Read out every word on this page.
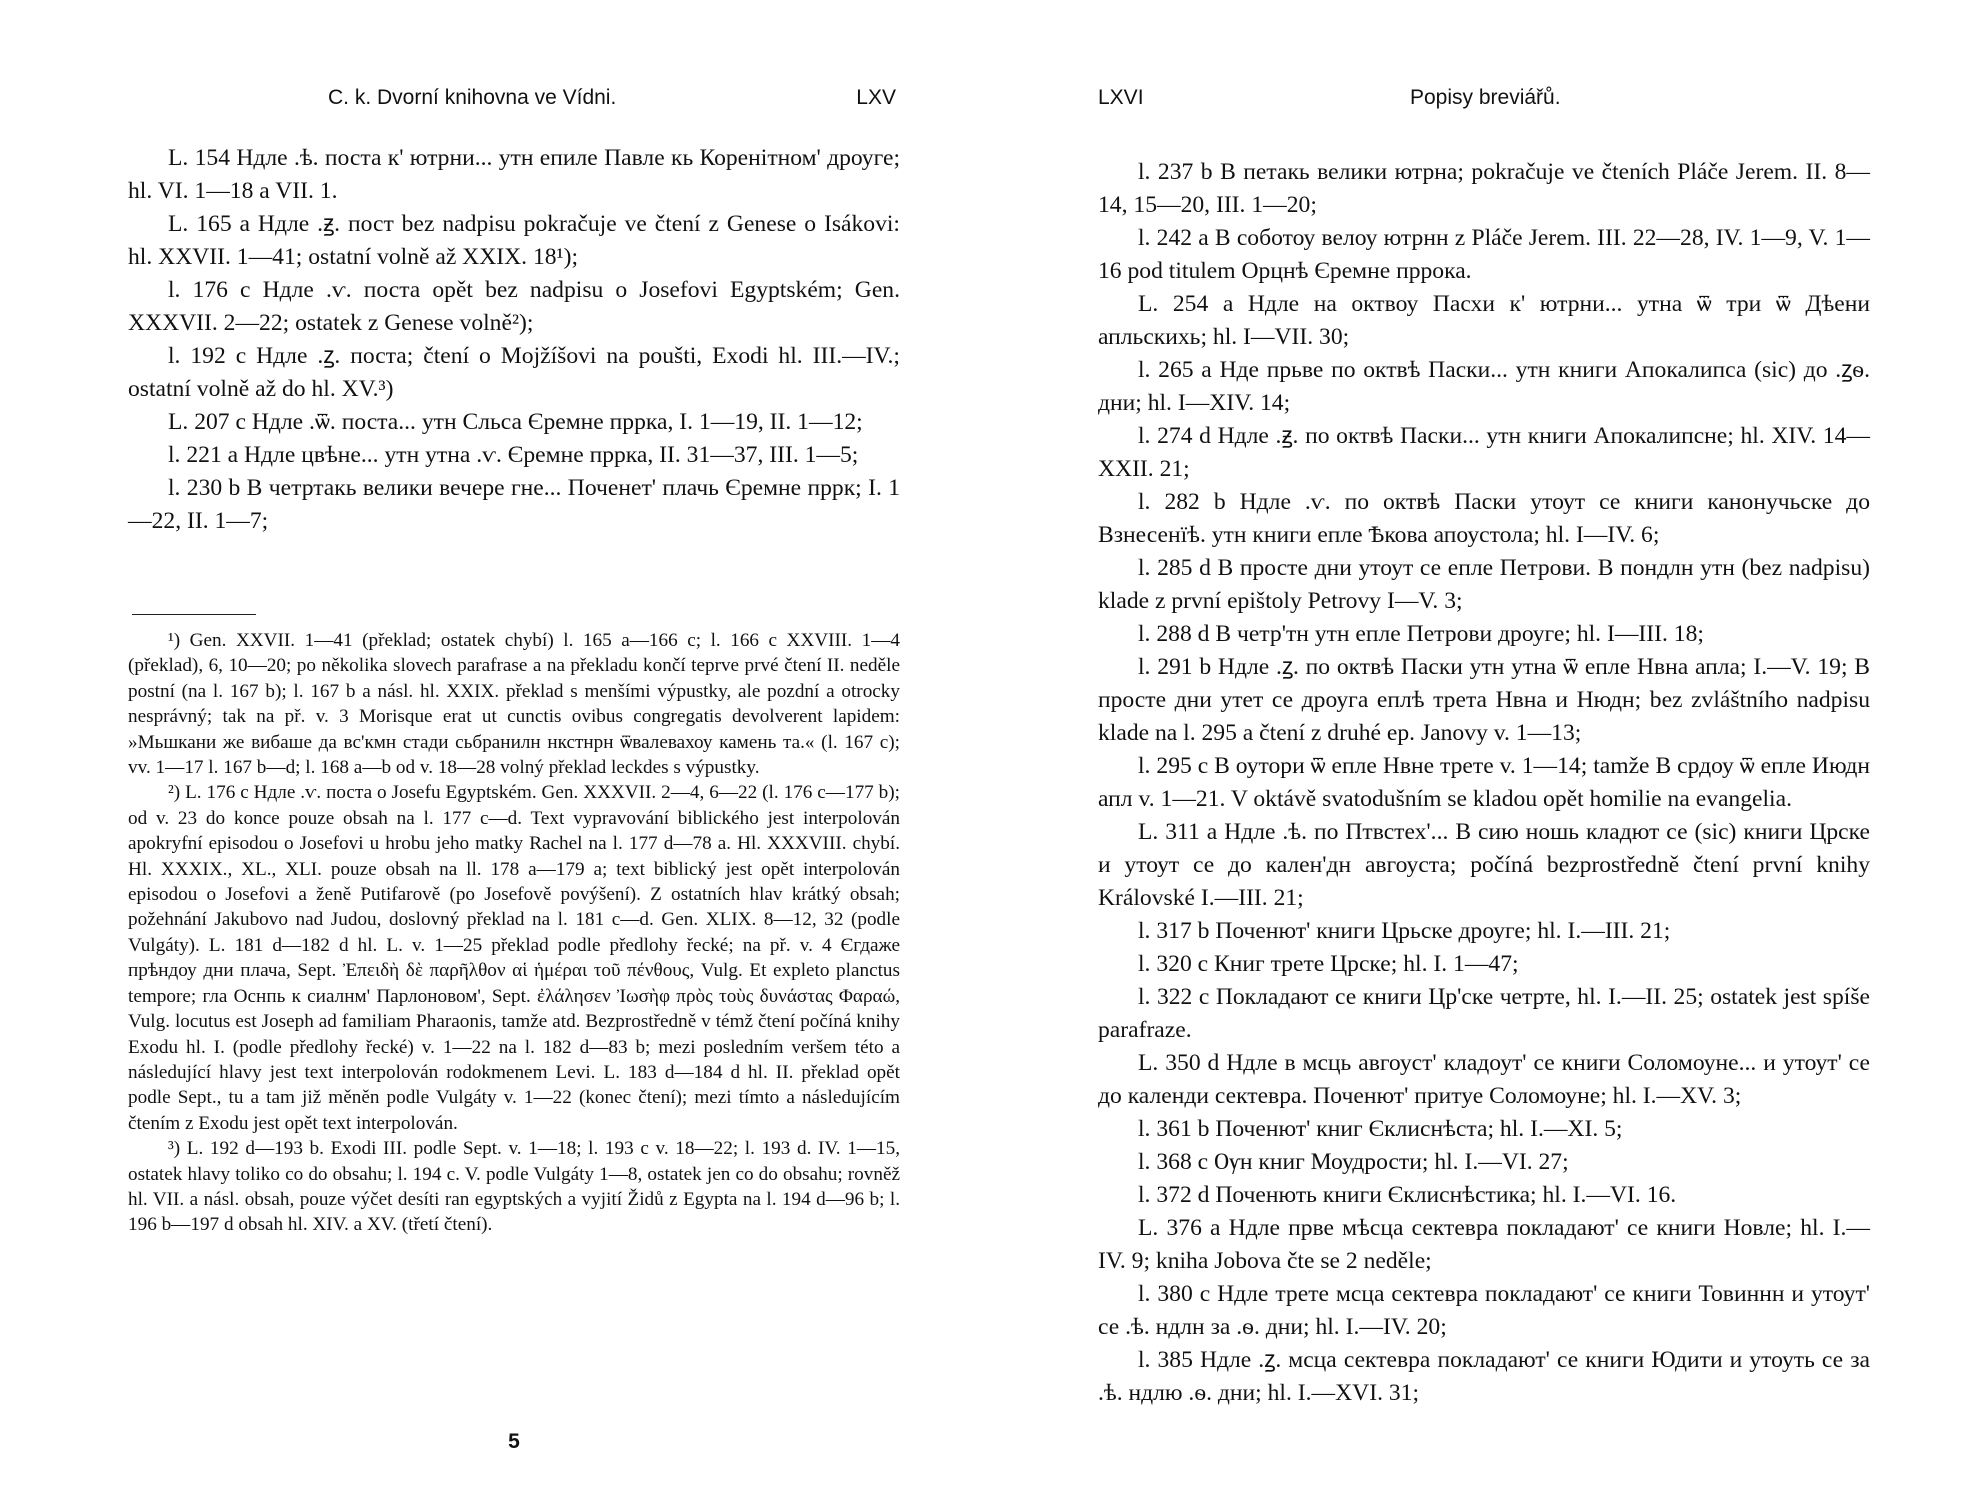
C. k. Dvorní knihovna ve Vídni.	LXV

L. 154 Ндле .ѣ. поста к' ютрни... утн епиле Павле кь Коренітном' дроуге; hl. VI. 1—18 a VII. 1.

L. 165 a Ндле .ꙃ. пост bez nadpisu pokračuje ve čtení z Genese o Isákovi: hl. XXVII. 1—41; ostatní volně až XXIX. 18¹);

l. 176 c Ндле .ѵ. поста opět bez nadpisu o Josefovi Egyptském; Gen. XXXVII. 2—22; ostatek z Genese volně²);

l. 192 c Ндле .ꙁ. поста; čtení o Mojžíšovi na poušti, Exodi hl. III.—IV.; ostatní volně až do hl. XV.³)

L. 207 c Ндле .ѿ. поста... утн Сльса Єремне пррка, I. 1—19, II. 1—12;

l. 221 a Ндле цвѣне... утн утна .ѵ. Єремне пррка, II. 31—37, III. 1—5;

l. 230 b В четртакь велики вечере гне... Поченет' плачь Єремне пррк; I. 1—22, II. 1—7;

¹) Gen. XXVII. 1—41 (překlad; ostatek chybí) l. 165 a—166 c; l. 166 c XXVIII. 1—4 (překlad), 6, 10—20; po několika slovech parafrase a na překladu končí teprve prvé čtení II. neděle postní (na l. 167 b); l. 167 b a násl. hl. XXIX. překlad s menšími výpustky, ale pozdní a otrocky nesprávný; tak na př. v. 3 Morisque erat ut cunctis ovibus congregatis devolverent lapidem: »Мьшкани же вибаше да вс'кмн стади сьбранилн нкстнрн ѿвалевахоу камень та.« (l. 167 c); vv. 1—17 l. 167 b—d; l. 168 a—b od v. 18—28 volný překlad leckdes s výpustky.

²) L. 176 c Ндле .ѵ. поста o Josefu Egyptském. Gen. XXXVII. 2—4, 6—22 (l. 176 c—177 b); od v. 23 do konce pouze obsah na l. 177 c—d. Text vypravování biblického jest interpolován apokryfní episodou o Josefovi u hrobu jeho matky Rachel na l. 177 d—78 a. Hl. XXXVIII. chybí. Hl. XXXIX., XL., XLI. pouze obsah na ll. 178 a—179 a; text biblický jest opět interpolován episodou o Josefovi a ženě Putifarově (po Josefově povýšení). Z ostatních hlav krátký obsah; požehnání Jakubovo nad Judou, doslovný překlad na l. 181 c—d. Gen. XLIX. 8—12, 32 (podle Vulgáty). L. 181 d—182 d hl. L. v. 1—25 překlad podle předlohy řecké; na př. v. 4 Єгдаже прѣндоу дни плача, Sept. Ἐπειδὴ δὲ παρῆλθον αἱ ἡμέραι τοῦ πένθους, Vulg. Et expleto planctus tempore; гла Оснпь к сиалнм' Парлоновом', Sept. ἐλάλησεν Ἰωσὴφ πρὸς τοὺς δυνάστας Φαραώ, Vulg. locutus est Joseph ad familiam Pharaonis, tamže atd. Bezprostředně v témž čtení počíná knihy Exodu hl. I. (podle předlohy řecké) v. 1—22 na l. 182 d—83 b; mezi posledním veršem této a následující hlavy jest text interpolován rodokmenem Levi. L. 183 d—184 d hl. II. překlad opět podle Sept., tu a tam již měněn podle Vulgáty v. 1—22 (konec čtení); mezi tímto a následujícím čtením z Exodu jest opět text interpolován.

³) L. 192 d—193 b. Exodi III. podle Sept. v. 1—18; l. 193 c v. 18—22; l. 193 d. IV. 1—15, ostatek hlavy toliko co do obsahu; l. 194 c. V. podle Vulgáty 1—8, ostatek jen co do obsahu; rovněž hl. VII. a násl. obsah, pouze výčet desíti ran egyptských a vyjití Židů z Egypta na l. 194 d—96 b; l. 196 b—197 d obsah hl. XIV. a XV. (třetí čtení).

5
LXVI	Popisy breviářů.

l. 237 b В петакь велики ютрна; pokračuje ve čteních Pláče Jerem. II. 8—14, 15—20, III. 1—20;

l. 242 a В соботоу велоу ютрнн z Pláče Jerem. III. 22—28, IV. 1—9, V. 1—16 pod titulem Орцнѣ Єремне пррока.

L. 254 a Ндле на октвоу Пасхи к' ютрни... утна ѿ три ѿ Дѣени апльскихь; hl. I—VII. 30;

l. 265 a Нде прьве по октвѣ Паски... утн книги Апокалипса (sic) до .ꙁѳ. дни; hl. I—XIV. 14;

l. 274 d Ндле .ꙃ. по октвѣ Паски... утн книги Апокалипсне; hl. XIV. 14—XXII. 21;

l. 282 b Ндле .ѵ. по октвѣ Паски утоут се книги канонучьске до Взнесенїѣ. утн книги епле Ѣкова апоустола; hl. I—IV. 6;

l. 285 d В просте дни утоут се епле Петрови. В пондлн утн (bez nadpisu) klade z první epištoly Petrovy I—V. 3;

l. 288 d В четр'тн утн епле Петрови дроуге; hl. I—III. 18;

l. 291 b Ндле .ꙁ. по октвѣ Паски утн утна ѿ епле Нвна апла; I.—V. 19; В просте дни утет се дроуга еплѣ трета Нвна и Нюдн; bez zvláštního nadpisu klade na l. 295 a čtení z druhé ep. Janovy v. 1—13;

l. 295 c В оутори ѿ епле Нвне трете v. 1—14; tamže В срдоу ѿ епле Июдн апл v. 1—21. V oktávě svatodušním se kladou opět homilie na evangelia.

L. 311 a Ндле .ѣ. по Птвстех'... В сию ношь кладют се (sic) книги Црске и утоут се до кален'дн авгоуста; počíná bezprostředně čtení první knihy Královské I.—III. 21;

l. 317 b Поченют' книги Црьске дроуге; hl. I.—III. 21;

l. 320 c Книг трете Црске; hl. I. 1—47;

l. 322 c Покладают се книги Цр'ске четрте, hl. I.—II. 25; ostatek jest spíše parafraze.

L. 350 d Ндле в мсць авгоуст' кладоут' се книги Соломоуне... и утоут' се до календи сектевра. Поченют' притуе Соломоуне; hl. I.—XV. 3;

l. 361 b Поченют' книг Єклиснѣста; hl. I.—XI. 5;

l. 368 c Ѹн книг Моудрости; hl. I.—VI. 27;

l. 372 d Поченють книги Єклиснѣстика; hl. I.—VI. 16.

L. 376 a Ндле прве мѣсца сектевра покладают' се книги Нoвле; hl. I.—IV. 9; kniha Jobova čte se 2 neděle;

l. 380 c Ндле трете мсца сектевра покладают' се книги Товиннн и утоут' се .ѣ. ндлн за .ѳ. дни; hl. I.—IV. 20;

l. 385 Ндле .ꙁ. мсца сектевра покладают' се книги Юдити и утоуть се за .ѣ. ндлю .ѳ. дни; hl. I.—XVI. 31;
